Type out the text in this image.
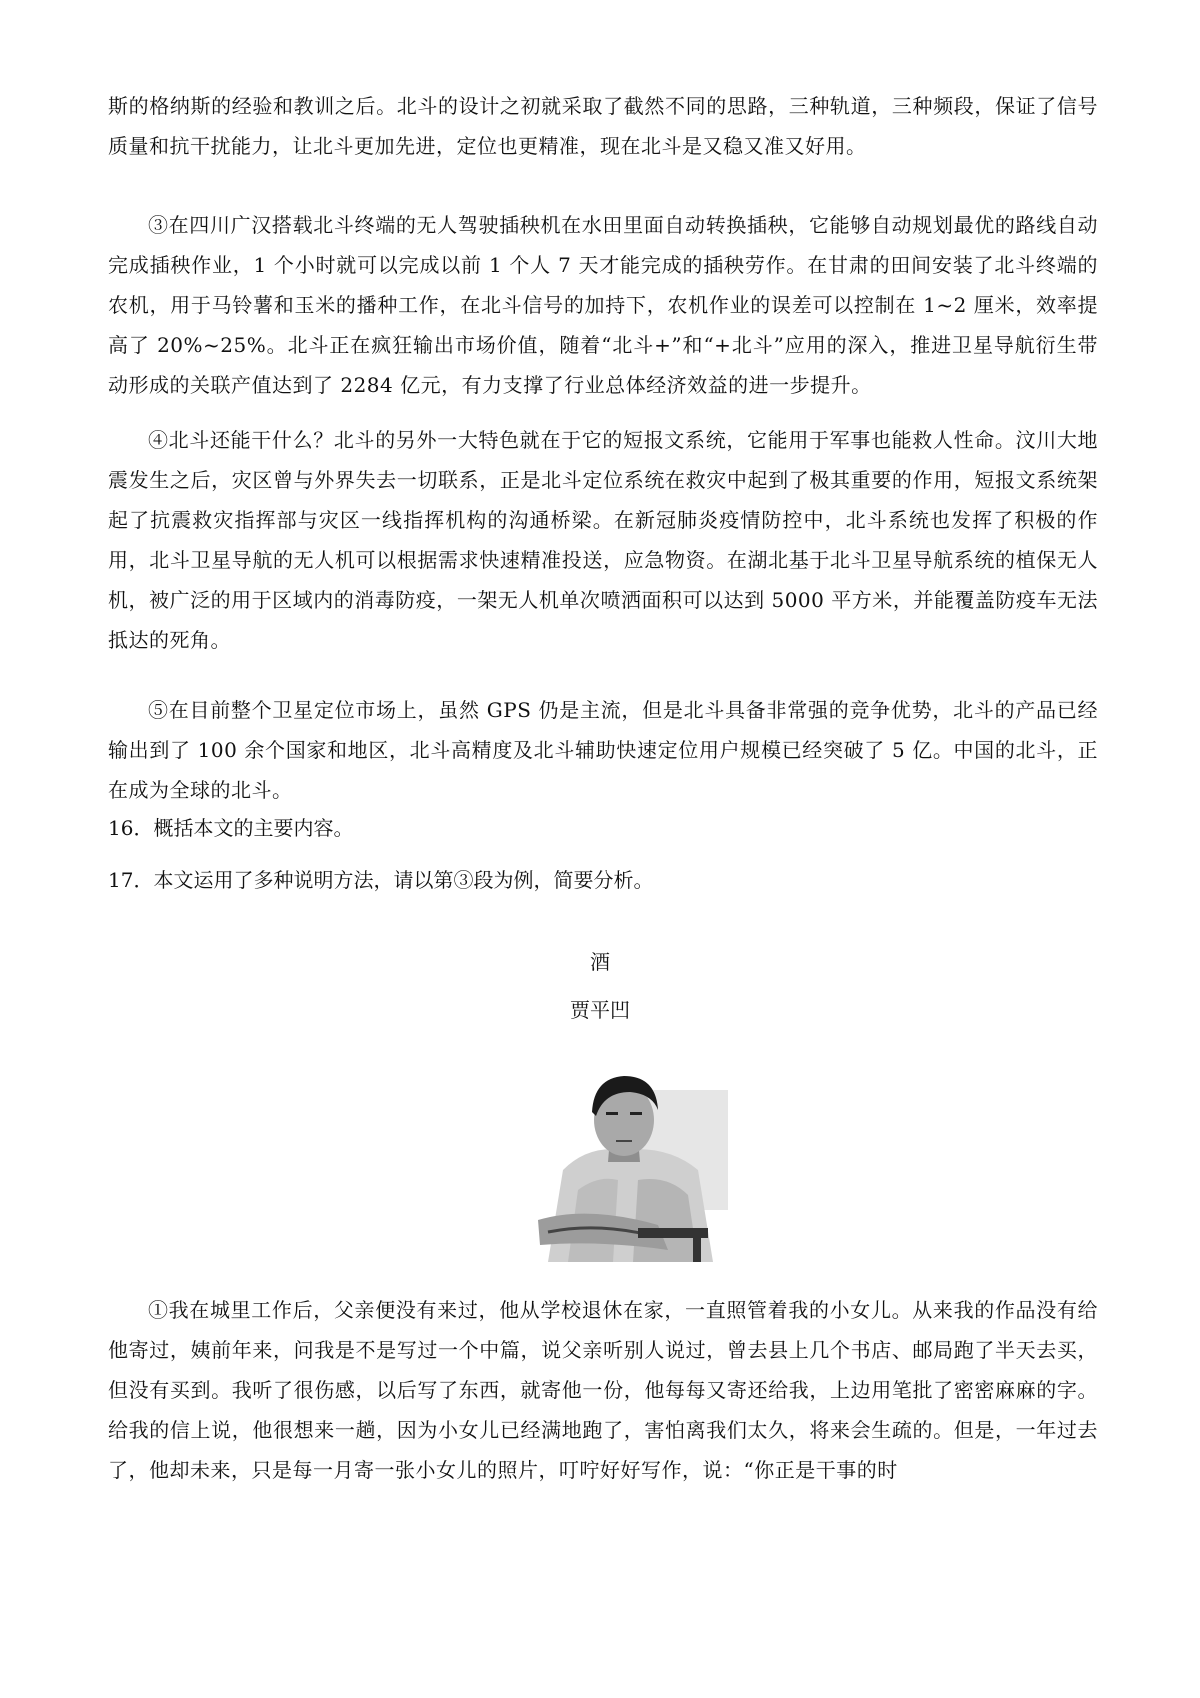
斯的格纳斯的经验和教训之后。北斗的设计之初就采取了截然不同的思路，三种轨道，三种频段，保证了信号质量和抗干扰能力，让北斗更加先进，定位也更精准，现在北斗是又稳又准又好用。

③在四川广汉搭载北斗终端的无人驾驶插秧机在水田里面自动转换插秧，它能够自动规划最优的路线自动完成插秧作业，1 个小时就可以完成以前 1 个人 7 天才能完成的插秧劳作。在甘肃的田间安装了北斗终端的农机，用于马铃薯和玉米的播种工作，在北斗信号的加持下，农机作业的误差可以控制在 1~2 厘米，效率提高了 20%~25%。北斗正在疯狂输出市场价值，随着“北斗+”和“+北斗”应用的深入，推进卫星导航衍生带动形成的关联产值达到了 2284 亿元，有力支撑了行业总体经济效益的进一步提升。

④北斗还能干什么？北斗的另外一大特色就在于它的短报文系统，它能用于军事也能救人性命。汶川大地震发生之后，灾区曾与外界失去一切联系，正是北斗定位系统在救灾中起到了极其重要的作用，短报文系统架起了抗震救灾指挥部与灾区一线指挥机构的沟通桥梁。在新冠肺炎疫情防控中，北斗系统也发挥了积极的作用，北斗卫星导航的无人机可以根据需求快速精准投送，应急物资。在湖北基于北斗卫星导航系统的植保无人机，被广泛的用于区域内的消毒防疫，一架无人机单次喷洒面积可以达到 5000 平方米，并能覆盖防疫车无法抵达的死角。

⑤在目前整个卫星定位市场上，虽然 GPS 仍是主流，但是北斗具备非常强的竞争优势，北斗的产品已经输出到了 100 余个国家和地区，北斗高精度及北斗辅助快速定位用户规模已经突破了 5 亿。中国的北斗，正在成为全球的北斗。

16．概括本文的主要内容。

17．本文运用了多种说明方法，请以第③段为例，简要分析。

酒

贾平凹

①我在城里工作后，父亲便没有来过，他从学校退休在家，一直照管着我的小女儿。从来我的作品没有给他寄过，姨前年来，问我是不是写过一个中篇，说父亲听别人说过，曾去县上几个书店、邮局跑了半天去买，但没有买到。我听了很伤感，以后写了东西，就寄他一份，他每每又寄还给我，上边用笔批了密密麻麻的字。给我的信上说，他很想来一趟，因为小女儿已经满地跑了，害怕离我们太久，将来会生疏的。但是，一年过去了，他却未来，只是每一月寄一张小女儿的照片，叮咛好好写作，说：“你正是干事的时
